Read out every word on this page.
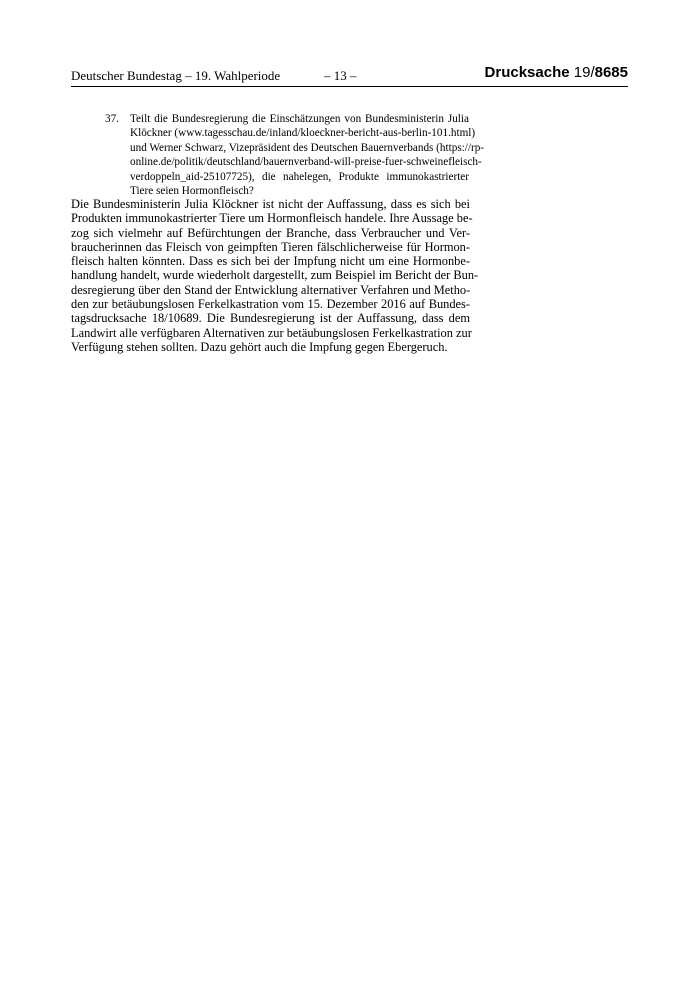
Deutscher Bundestag – 19. Wahlperiode	– 13 –	Drucksache 19/8685
37. Teilt die Bundesregierung die Einschätzungen von Bundesministerin Julia
Klöckner (www.tagesschau.de/inland/kloeckner-bericht-aus-berlin-101.html)
und Werner Schwarz, Vizepräsident des Deutschen Bauernverbands (https://rp-
online.de/politik/deutschland/bauernverband-will-preise-fuer-schweinefleisch-
verdoppeln_aid-25107725), die nahelegen, Produkte immunokastrierter
Tiere seien Hormonfleisch?
Die Bundesministerin Julia Klöckner ist nicht der Auffassung, dass es sich bei
Produkten immunokastrierter Tiere um Hormonfleisch handele. Ihre Aussage be-
zog sich vielmehr auf Befürchtungen der Branche, dass Verbraucher und Ver-
braucherinnen das Fleisch von geimpften Tieren fälschlicherweise für Hormon-
fleisch halten könnten. Dass es sich bei der Impfung nicht um eine Hormonbe-
handlung handelt, wurde wiederholt dargestellt, zum Beispiel im Bericht der Bun-
desregierung über den Stand der Entwicklung alternativer Verfahren und Metho-
den zur betäubungslosen Ferkelkastration vom 15. Dezember 2016 auf Bundes-
tagsdrucksache 18/10689. Die Bundesregierung ist der Auffassung, dass dem
Landwirt alle verfügbaren Alternativen zur betäubungslosen Ferkelkastration zur
Verfügung stehen sollten. Dazu gehört auch die Impfung gegen Ebergeruch.
